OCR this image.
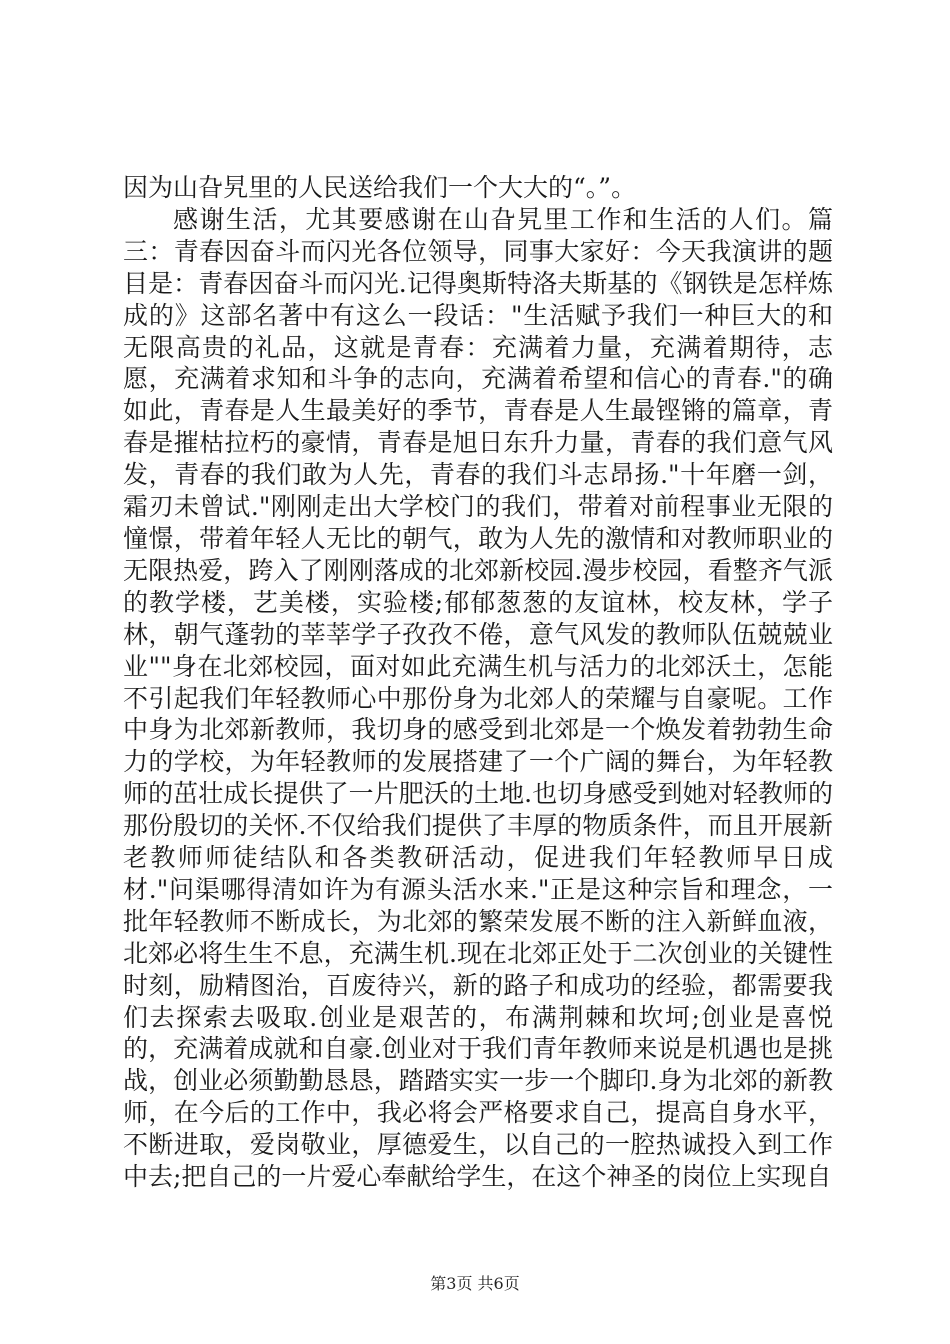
因为山旮旯里的人民送给我们一个大大的“。”。

感谢生活，尤其要感谢在山旮旯里工作和生活的人们。篇三：青春因奋斗而闪光各位领导，同事大家好：今天我演讲的题目是：青春因奋斗而闪光.记得奥斯特洛夫斯基的《钢铁是怎样炼成的》这部名著中有这么一段话："生活赋予我们一种巨大的和无限高贵的礼品，这就是青春：充满着力量，充满着期待，志愿，充满着求知和斗争的志向，充满着希望和信心的青春."的确如此，青春是人生最美好的季节，青春是人生最铿锵的篇章，青春是摧枯拉朽的豪情，青春是旭日东升力量，青春的我们意气风发，青春的我们敢为人先，青春的我们斗志昂扬."十年磨一剑，霜刃未曾试."刚刚走出大学校门的我们，带着对前程事业无限的憧憬，带着年轻人无比的朝气，敢为人先的激情和对教师职业的无限热爱，跨入了刚刚落成的北郊新校园.漫步校园，看整齐气派的教学楼，艺美楼，实验楼;郁郁葱葱的友谊林，校友林，学子林，朝气蓬勃的莘莘学子孜孜不倦，意气风发的教师队伍兢兢业业""身在北郊校园，面对如此充满生机与活力的北郊沃土，怎能不引起我们年轻教师心中那份身为北郊人的荣耀与自豪呢。工作中身为北郊新教师，我切身的感受到北郊是一个焕发着勃勃生命力的学校，为年轻教师的发展搭建了一个广阔的舞台，为年轻教师的茁壮成长提供了一片肥沃的土地.也切身感受到她对轻教师的那份殷切的关怀.不仅给我们提供了丰厚的物质条件，而且开展新老教师师徒结队和各类教研活动，促进我们年轻教师早日成材."问渠哪得清如许为有源头活水来."正是这种宗旨和理念，一批年轻教师不断成长，为北郊的繁荣发展不断的注入新鲜血液，北郊必将生生不息，充满生机.现在北郊正处于二次创业的关键性时刻，励精图治，百废待兴，新的路子和成功的经验，都需要我们去探索去吸取.创业是艰苦的，布满荆棘和坎坷;创业是喜悦的，充满着成就和自豪.创业对于我们青年教师来说是机遇也是挑战，创业必须勤勤恳恳，踏踏实实一步一个脚印.身为北郊的新教师，在今后的工作中，我必将会严格要求自己，提高自身水平，不断进取，爱岗敬业，厚德爱生，以自己的一腔热诚投入到工作中去;把自己的一片爱心奉献给学生，在这个神圣的岗位上实现自

第3页 共6页
